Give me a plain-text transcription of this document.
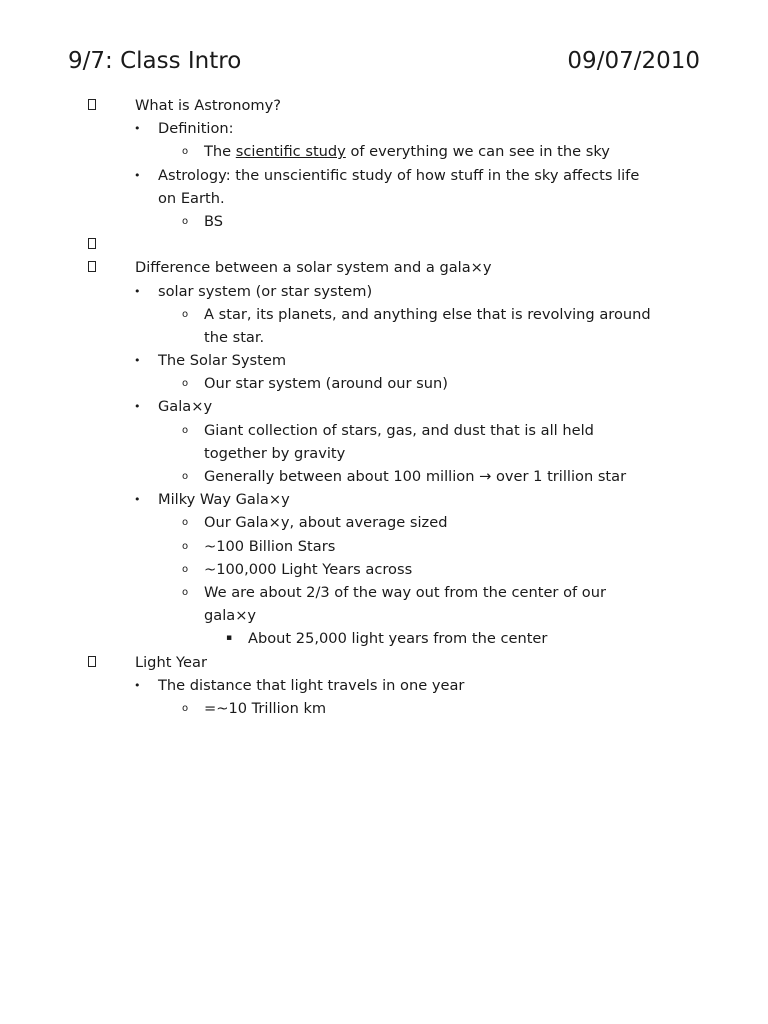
9/7: Class Intro	09/07/2010
What is Astronomy?
• Definition:
o The scientific study of everything we can see in the sky
• Astrology: the unscientific study of how stuff in the sky affects life
on Earth.
o BS
Difference between a solar system and a gala×y
• solar system (or star system)
o A star, its planets, and anything else that is revolving around
the star.
• The Solar System
o Our star system (around our sun)
• Gala×y
o Giant collection of stars, gas, and dust that is all held
together by gravity
o Generally between about 100 million → over 1 trillion star
• Milky Way Gala×y
o Our Gala×y, about average sized
o ~100 Billion Stars
o ~100,000 Light Years across
o We are about 2/3 of the way out from the center of our
gala×y
▪ About 25,000 light years from the center
Light Year
• The distance that light travels in one year
o =~10 Trillion km
